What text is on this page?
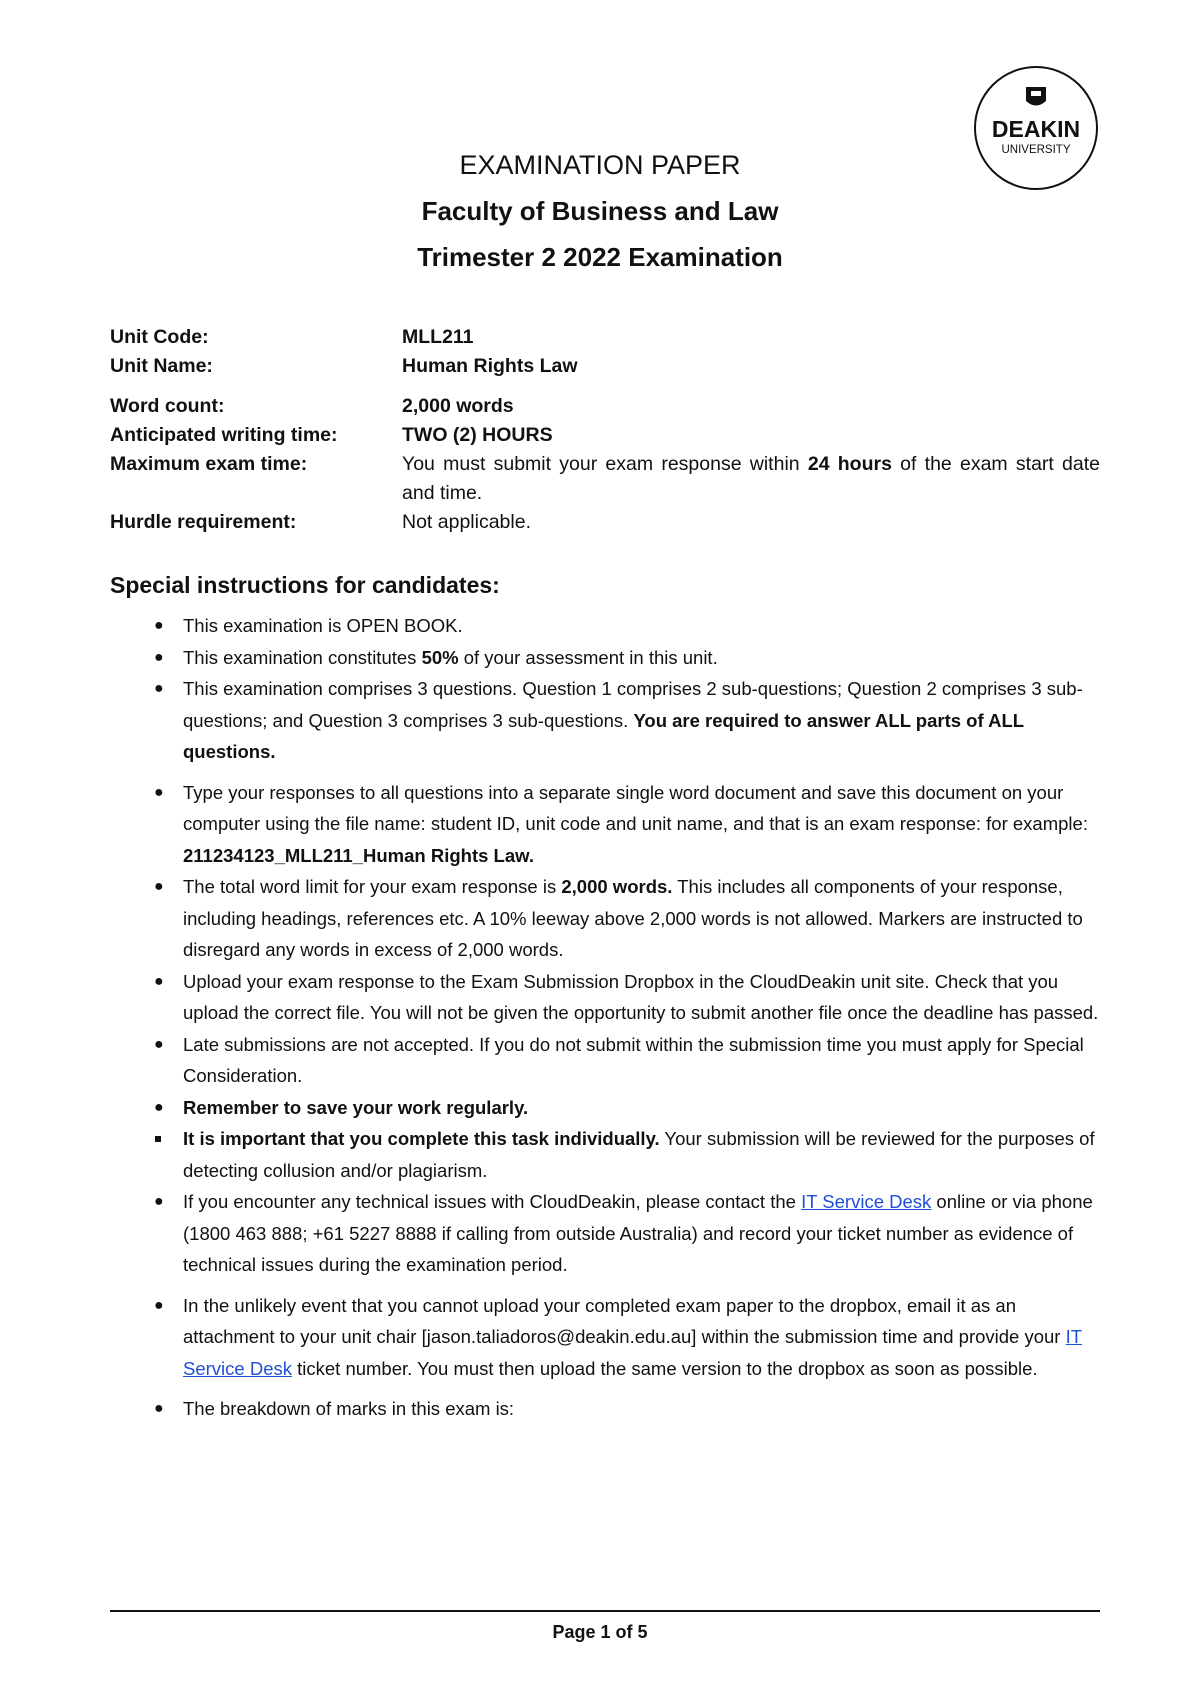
DEAKIN
UNIVERSITY
EXAMINATION PAPER
Faculty of Business and Law
Trimester 2 2022 Examination
Unit Code:	MLL211
Unit Name:	Human Rights Law
Word count:	2,000 words
Anticipated writing time:	TWO (2) HOURS
Maximum exam time:	You must submit your exam response within 24 hours of the exam start date and time.
Hurdle requirement:	Not applicable.
Special instructions for candidates:
● This examination is OPEN BOOK.
● This examination constitutes 50% of your assessment in this unit.
● This examination comprises 3 questions. Question 1 comprises 2 sub-questions; Question 2 comprises 3 sub-questions; and Question 3 comprises 3 sub-questions. You are required to answer ALL parts of ALL questions.
● Type your responses to all questions into a separate single word document and save this document on your computer using the file name: student ID, unit code and unit name, and that is an exam response: for example: 211234123_MLL211_Human Rights Law.
● The total word limit for your exam response is 2,000 words. This includes all components of your response, including headings, references etc. A 10% leeway above 2,000 words is not allowed. Markers are instructed to disregard any words in excess of 2,000 words.
● Upload your exam response to the Exam Submission Dropbox in the CloudDeakin unit site. Check that you upload the correct file. You will not be given the opportunity to submit another file once the deadline has passed.
● Late submissions are not accepted. If you do not submit within the submission time you must apply for Special Consideration.
● Remember to save your work regularly.
It is important that you complete this task individually. Your submission will be reviewed for the purposes of detecting collusion and/or plagiarism.
● If you encounter any technical issues with CloudDeakin, please contact the IT Service Desk online or via phone (1800 463 888; +61 5227 8888 if calling from outside Australia) and record your ticket number as evidence of technical issues during the examination period.
● In the unlikely event that you cannot upload your completed exam paper to the dropbox, email it as an attachment to your unit chair [jason.taliadoros@deakin.edu.au] within the submission time and provide your IT Service Desk ticket number. You must then upload the same version to the dropbox as soon as possible.
● The breakdown of marks in this exam is:

Page 1 of 5
